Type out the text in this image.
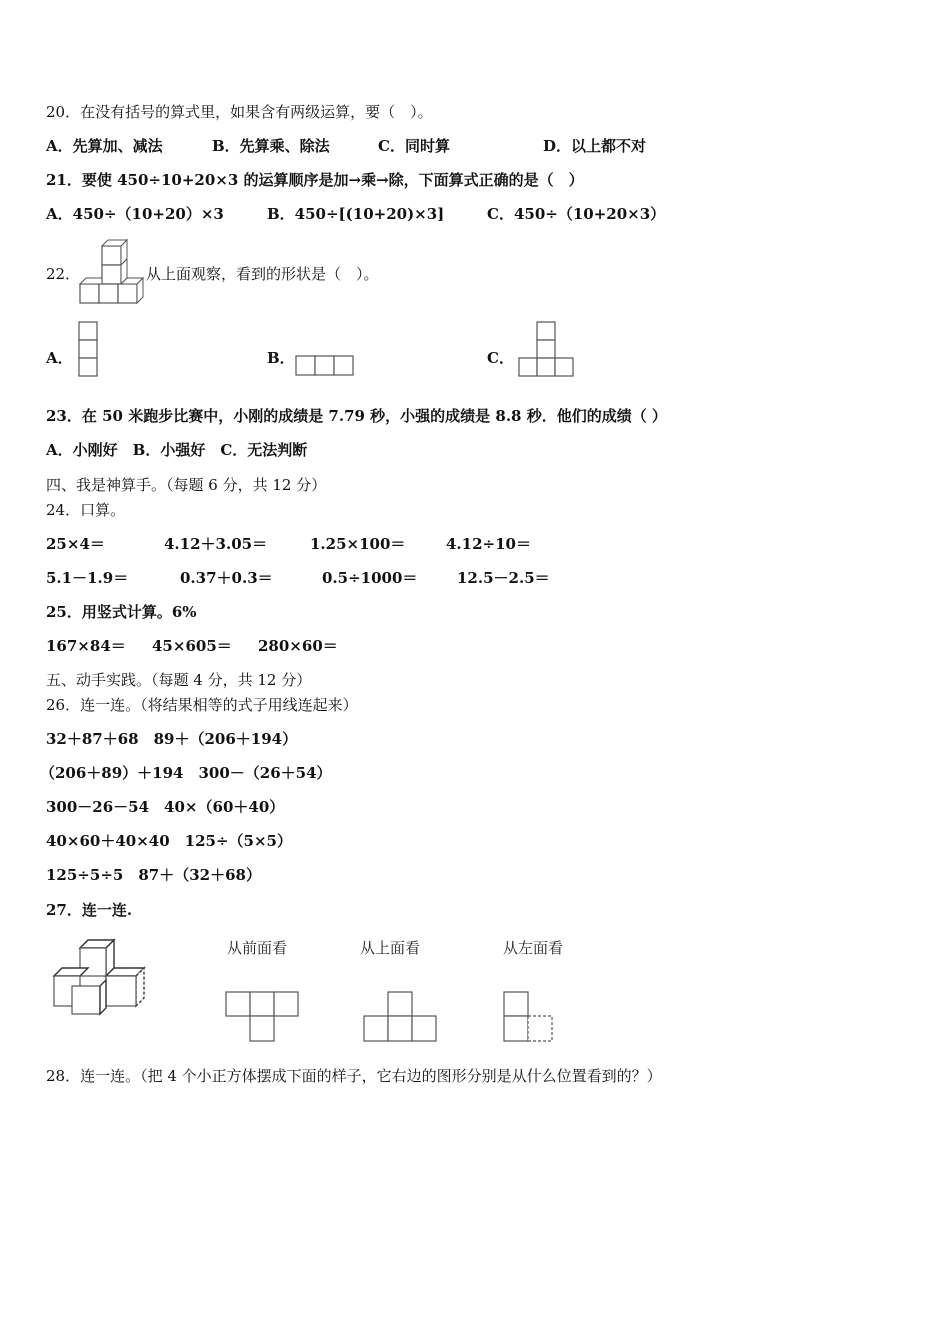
20．在没有括号的算式里，如果含有两级运算，要（　）。
A．先算加、减法	B．先算乘、除法	C．同时算	D．以上都不对
21．要使 450÷10+20×3 的运算顺序是加→乘→除，下面算式正确的是（　）
A．450÷（10+20）×3	B．450÷[(10+20)×3]	C．450÷（10+20×3）
22．	从上面观察，看到的形状是（　）。
A．	B．	C．
23．在 50 米跑步比赛中，小刚的成绩是 7.79 秒，小强的成绩是 8.8 秒．他们的成绩（ ）
A．小刚好　B．小强好　C．无法判断
四、我是神算手。（每题 6 分，共 12 分）
24．口算。
25×4＝	4.12＋3.05＝	1.25×100＝	4.12÷10＝
5.1－1.9＝	0.37＋0.3＝	0.5÷1000＝	12.5－2.5＝
25．用竖式计算。6%
167×84＝ 45×605＝ 280×60＝
五、动手实践。（每题 4 分，共 12 分）
26．连一连。（将结果相等的式子用线连起来）
32＋87＋68　89＋（206＋194）
（206＋89）＋194　300－（26＋54）
300－26－54　40×（60＋40）
40×60＋40×40　125÷（5×5）
125÷5÷5　87＋（32＋68）
27．连一连.
从前面看	从上面看	从左面看
28．连一连。（把 4 个小正方体摆成下面的样子，它右边的图形分别是从什么位置看到的？）
